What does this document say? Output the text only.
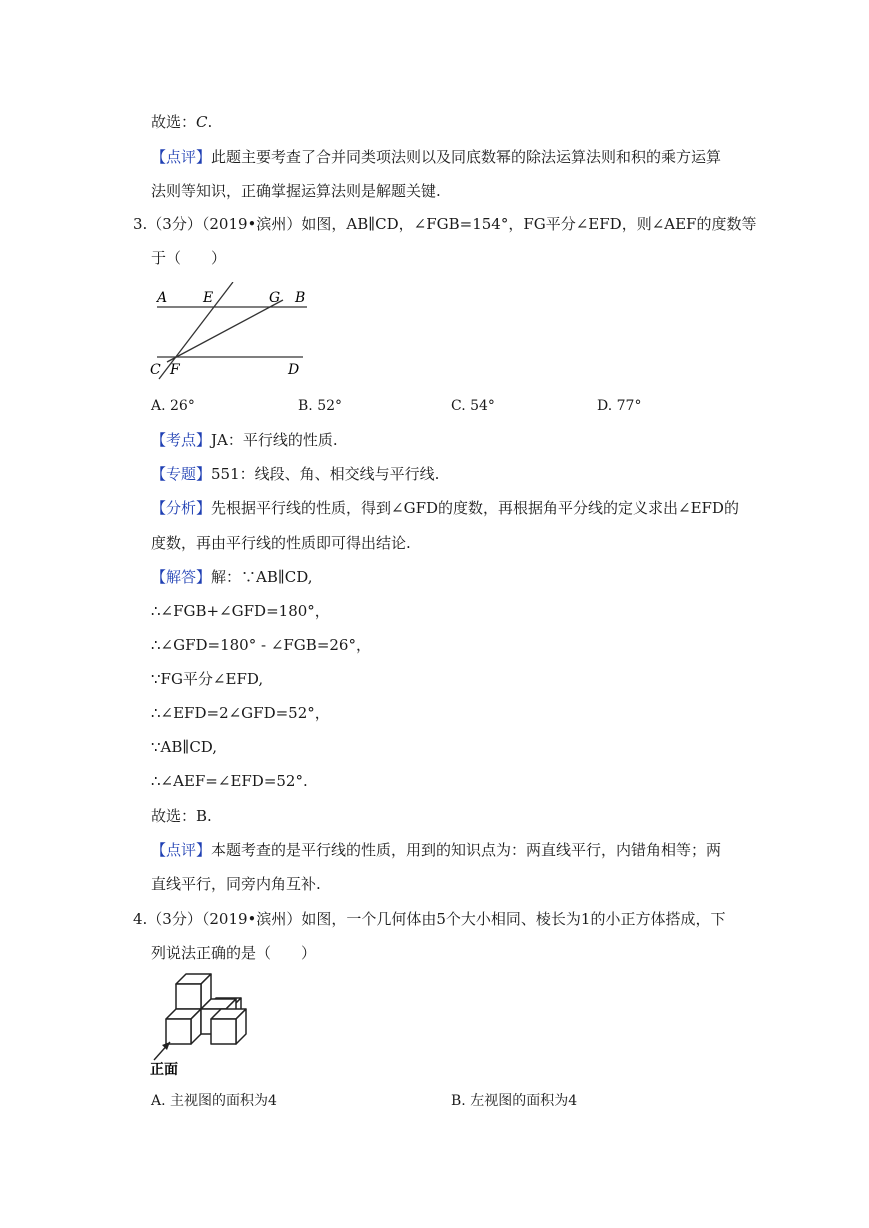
故选：C.
【点评】此题主要考查了合并同类项法则以及同底数幂的除法运算法则和积的乘方运算
法则等知识，正确掌握运算法则是解题关键.
3.（3分）（2019•滨州）如图，AB∥CD，∠FGB=154°，FG平分∠EFD，则∠AEF的度数等
于（　　）
A	E	G B
C F	D
A. 26°	B. 52°	C. 54°	D. 77°
【考点】JA：平行线的性质.
【专题】551：线段、角、相交线与平行线.
【分析】先根据平行线的性质，得到∠GFD的度数，再根据角平分线的定义求出∠EFD的
度数，再由平行线的性质即可得出结论.
【解答】解：∵AB∥CD,
∴∠FGB+∠GFD=180°，
∴∠GFD=180° - ∠FGB=26°，
∵FG平分∠EFD,
∴∠EFD=2∠GFD=52°，
∵AB∥CD,
∴∠AEF=∠EFD=52°.
故选：B.
【点评】本题考查的是平行线的性质，用到的知识点为：两直线平行，内错角相等；两
直线平行，同旁内角互补.
4.（3分）（2019•滨州）如图，一个几何体由5个大小相同、棱长为1的小正方体搭成，下
列说法正确的是（　　）
正面
A. 主视图的面积为4	B. 左视图的面积为4
